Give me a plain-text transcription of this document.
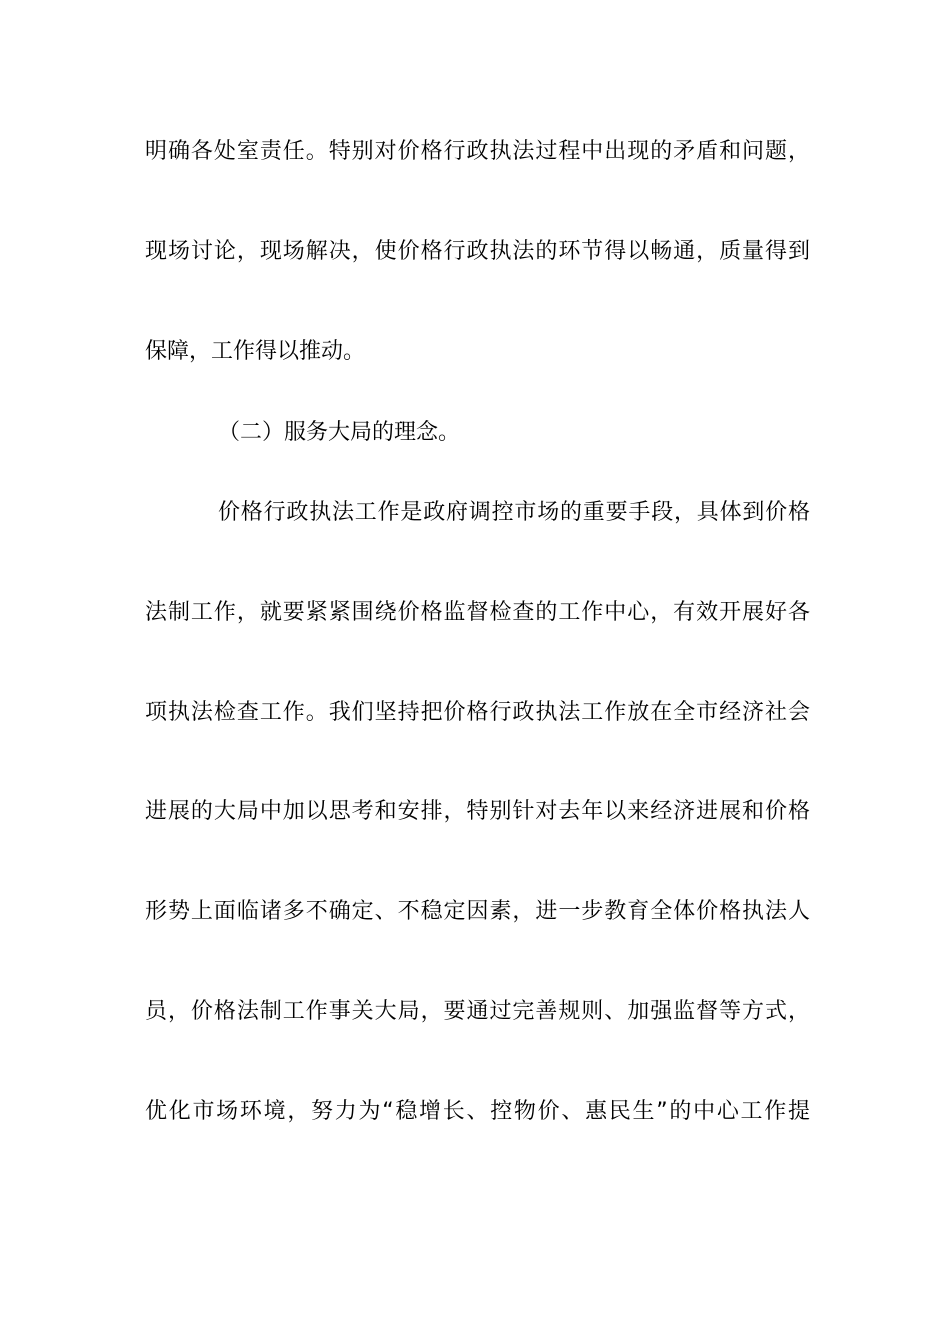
明确各处室责任。特别对价格行政执法过程中出现的矛盾和问题，
现场讨论，现场解决，使价格行政执法的环节得以畅通，质量得到
保障，工作得以推动。
（二）服务大局的理念。
价格行政执法工作是政府调控市场的重要手段，具体到价格
法制工作，就要紧紧围绕价格监督检查的工作中心，有效开展好各
项执法检查工作。我们坚持把价格行政执法工作放在全市经济社会
进展的大局中加以思考和安排，特别针对去年以来经济进展和价格
形势上面临诸多不确定、不稳定因素，进一步教育全体价格执法人
员，价格法制工作事关大局，要通过完善规则、加强监督等方式，
优化市场环境，努力为“稳增长、控物价、惠民生”的中心工作提
